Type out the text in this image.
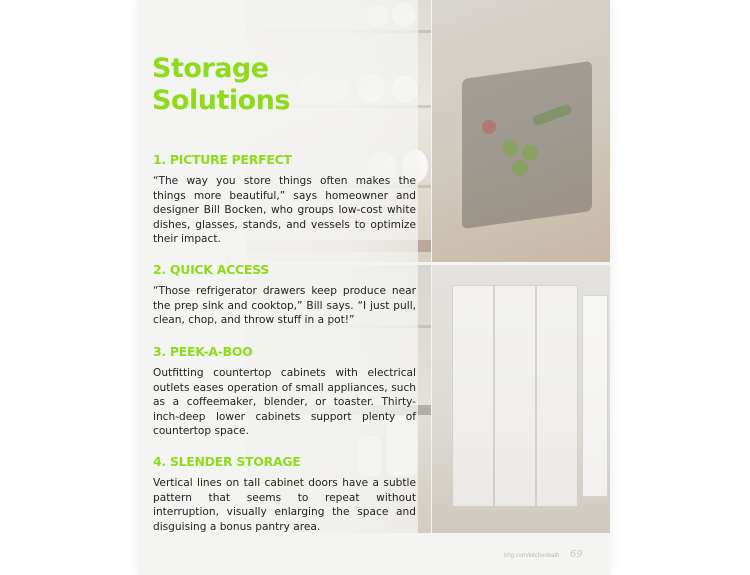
Storage
Solutions
1. PICTURE PERFECT

“The way you store things often makes the things more beautiful,” says homeowner and designer Bill Bocken, who groups low-cost white dishes, glasses, stands, and vessels to optimize their impact.

2. QUICK ACCESS

“Those refrigerator drawers keep produce near the prep sink and cooktop,” Bill says. “I just pull, clean, chop, and throw stuff in a pot!”

3. PEEK-A-BOO

Outfitting countertop cabinets with electrical outlets eases operation of small appliances, such as a coffeemaker, blender, or toaster. Thirty-inch-deep lower cabinets support plenty of countertop space.

4. SLENDER STORAGE

Vertical lines on tall cabinet doors have a subtle pattern that seems to repeat without interruption, visually enlarging the space and disguising a bonus pantry area.

bhg.com/kitchenbath 69
